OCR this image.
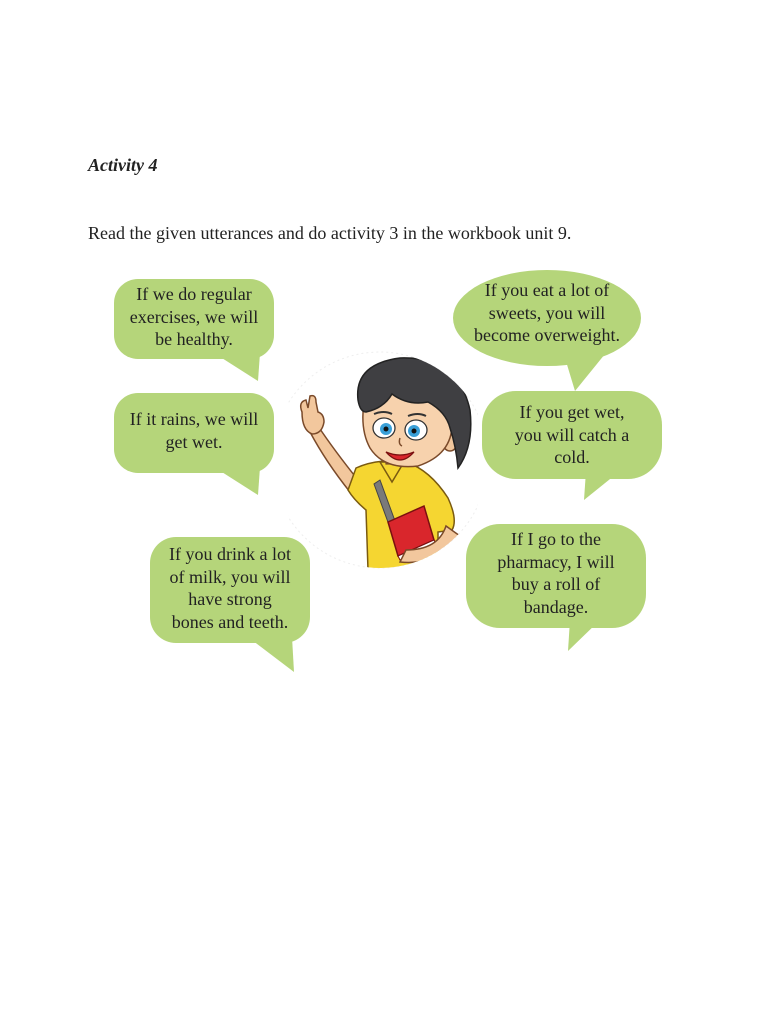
Activity 4
Read the given utterances and do activity 3 in the workbook unit 9.
If we do regular
exercises, we will
be healthy.
If it rains, we will
get wet.
If you drink a lot
of milk, you will
have strong
bones and teeth.
If you eat a lot of
sweets, you will
become overweight.
If you get wet,
you will catch a
cold.
If I go to the
pharmacy, I will
buy a roll of
bandage.
